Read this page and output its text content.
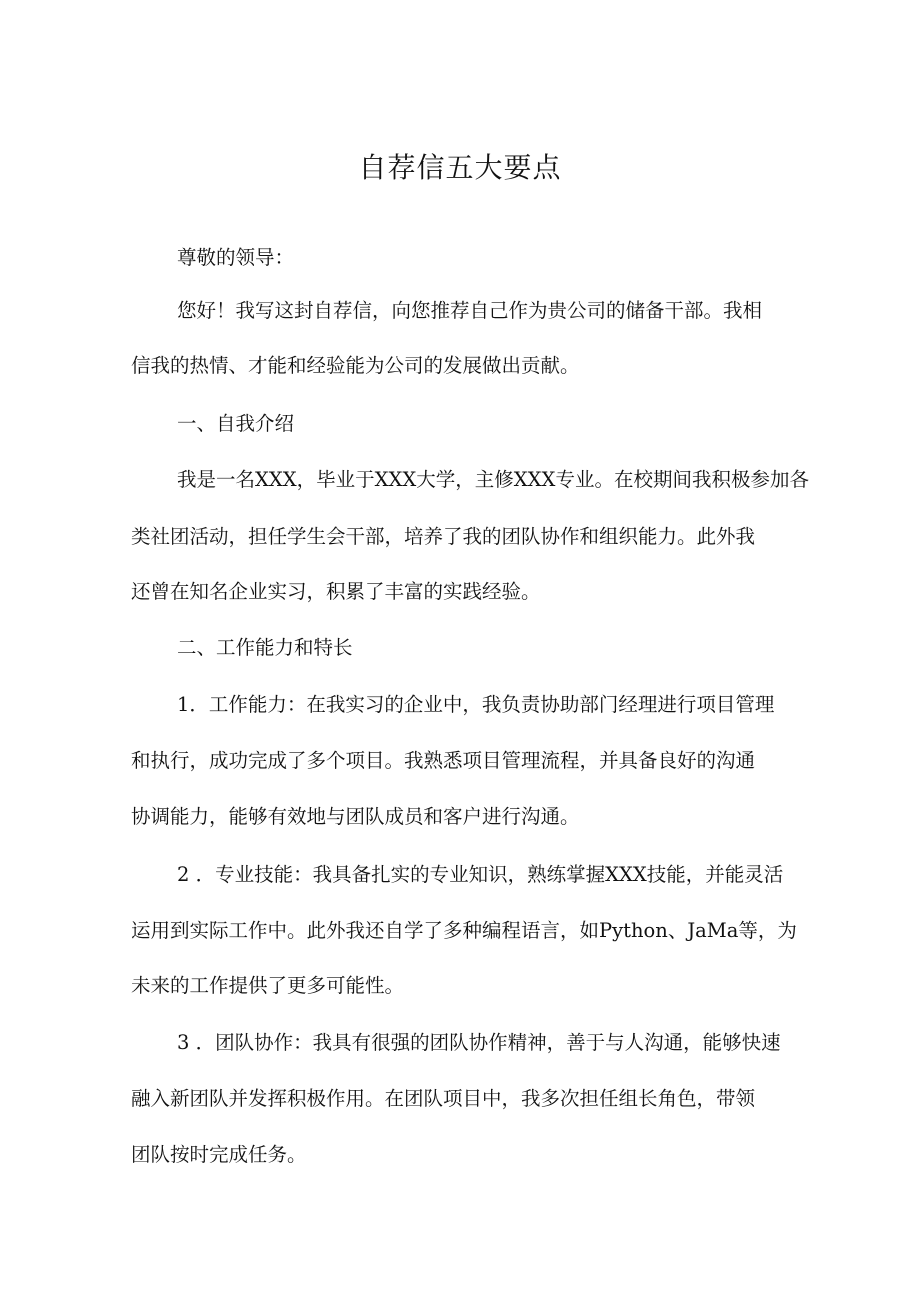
自荐信五大要点
尊敬的领导：
您好！我写这封自荐信，向您推荐自己作为贵公司的储备干部。我相
信我的热情、才能和经验能为公司的发展做出贡献。
一、自我介绍
我是一名XXX，毕业于XXX大学，主修XXX专业。在校期间我积极参加各
类社团活动，担任学生会干部，培养了我的团队协作和组织能力。此外我
还曾在知名企业实习，积累了丰富的实践经验。
二、工作能力和特长
1．工作能力：在我实习的企业中，我负责协助部门经理进行项目管理
和执行，成功完成了多个项目。我熟悉项目管理流程，并具备良好的沟通
协调能力，能够有效地与团队成员和客户进行沟通。
2 ．专业技能：我具备扎实的专业知识，熟练掌握XXX技能，并能灵活
运用到实际工作中。此外我还自学了多种编程语言，如Python、JaMa等，为
未来的工作提供了更多可能性。
3 ．团队协作：我具有很强的团队协作精神，善于与人沟通，能够快速
融入新团队并发挥积极作用。在团队项目中，我多次担任组长角色，带领
团队按时完成任务。
